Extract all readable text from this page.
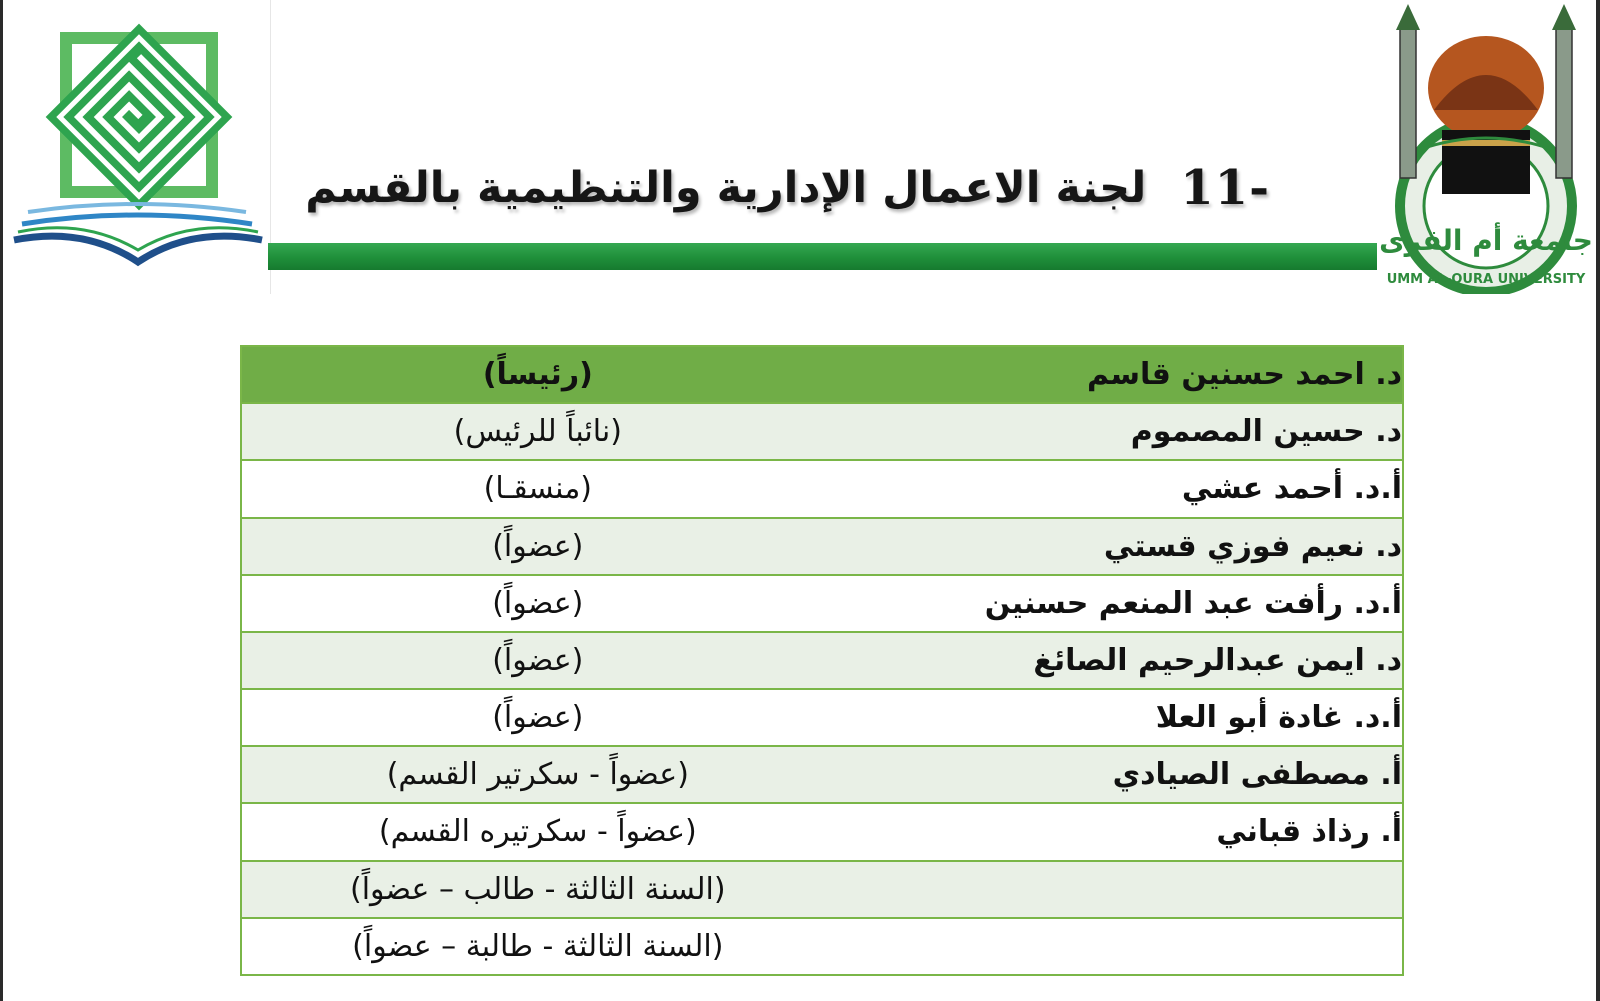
جامعة أم القرى
UMM AL-QURA UNIVERSITY
لجنة الاعمال الإدارية والتنظيمية بالقسم 11-
د. احمد حسنين قاسم	(رئيساً)
د. حسين المصموم	(نائباً للرئيس)
أ.د. أحمد عشي	(منسقـا)
د. نعيم فوزي قستي	(عضواً)
أ.د. رأفت عبد المنعم حسنين	(عضواً)
د. ايمن عبدالرحيم الصائغ	(عضواً)
أ.د. غادة أبو العلا	(عضواً)
أ. مصطفى الصيادي	(عضواً - سكرتير القسم)
أ. رذاذ قباني	(عضواً - سكرتيره القسم)
	(السنة الثالثة - طالب – عضواً)
	(السنة الثالثة - طالبة – عضواً)
